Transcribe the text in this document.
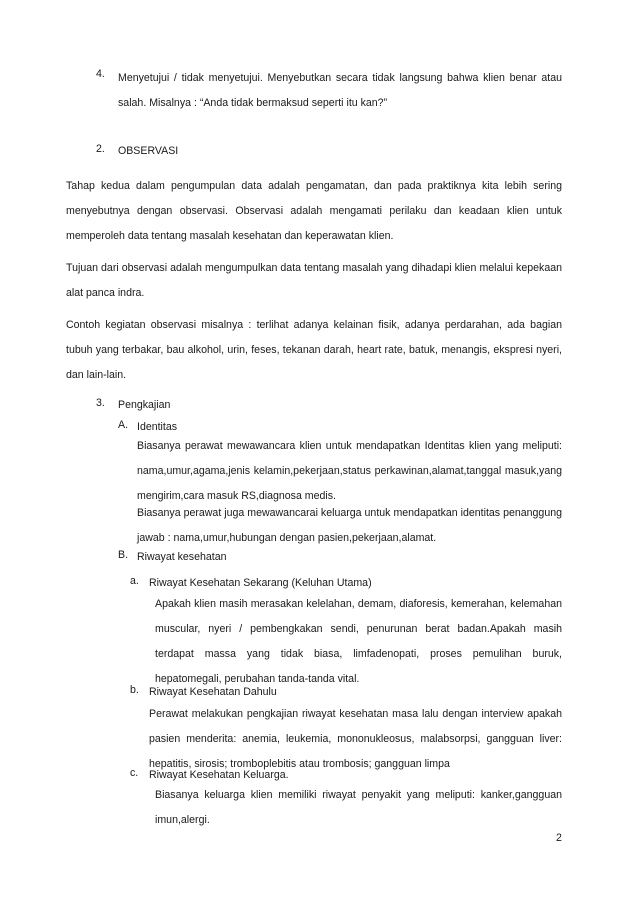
4. Menyetujui / tidak menyetujui. Menyebutkan secara tidak langsung bahwa klien benar atau salah. Misalnya : “Anda tidak bermaksud seperti itu kan?”
2. OBSERVASI

Tahap kedua dalam pengumpulan data adalah pengamatan, dan pada praktiknya kita lebih sering menyebutnya dengan observasi. Observasi adalah mengamati perilaku dan keadaan klien untuk memperoleh data tentang masalah kesehatan dan keperawatan klien.

Tujuan dari observasi adalah mengumpulkan data tentang masalah yang dihadapi klien melalui kepekaan alat panca indra.

Contoh kegiatan observasi misalnya : terlihat adanya kelainan fisik, adanya perdarahan, ada bagian tubuh yang terbakar, bau alkohol, urin, feses, tekanan darah, heart rate, batuk, menangis, ekspresi nyeri, dan lain-lain.

3. Pengkajian
A. Identitas
Biasanya perawat mewawancara klien untuk mendapatkan Identitas klien yang meliputi: nama,umur,agama,jenis kelamin,pekerjaan,status perkawinan,alamat,tanggal masuk,yang mengirim,cara masuk RS,diagnosa medis.
Biasanya perawat juga mewawancarai keluarga untuk mendapatkan identitas penanggung jawab : nama,umur,hubungan dengan pasien,pekerjaan,alamat.
B. Riwayat kesehatan
a. Riwayat Kesehatan Sekarang (Keluhan Utama)
Apakah klien masih merasakan kelelahan, demam, diaforesis, kemerahan, kelemahan muscular, nyeri / pembengkakan sendi, penurunan berat badan.Apakah masih terdapat massa yang tidak biasa, limfadenopati, proses pemulihan buruk, hepatomegali, perubahan tanda-tanda vital.
b. Riwayat Kesehatan Dahulu
Perawat melakukan pengkajian riwayat kesehatan masa lalu dengan interview apakah pasien menderita: anemia, leukemia, mononukleosus, malabsorpsi, gangguan liver: hepatitis, sirosis; tromboplebitis atau trombosis; gangguan limpa
c. Riwayat Kesehatan Keluarga.
Biasanya keluarga klien memiliki riwayat penyakit yang meliputi: kanker,gangguan imun,alergi.
2
